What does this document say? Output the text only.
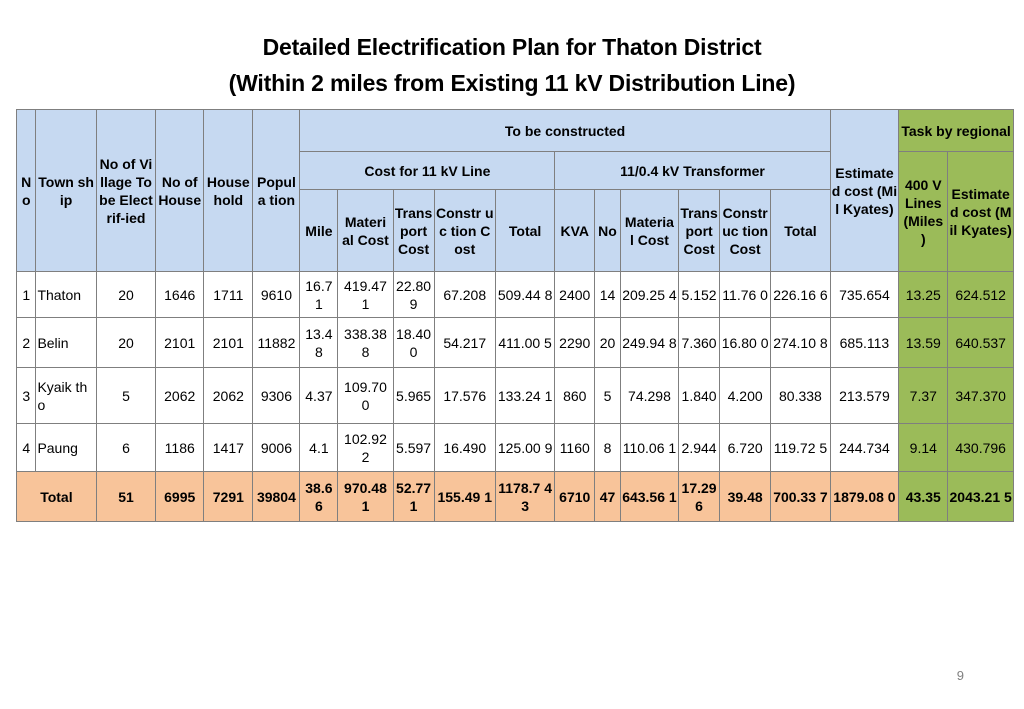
Detailed Electrification Plan for Thaton District
(Within 2 miles from Existing 11 kV Distribution Line)
No	Town ship	No of Village To be Electrif-ied	No of House	House hold	Popul a tion	To be constructed											Estimate d cost (Mil Kyates)	Task by regional	
						Cost for 11 kV Line					11/0.4 kV Transformer							400 V Lines (Miles )	Estimate d cost (Mil Kyates)
						Mile	Materi al Cost	Trans port Cost	Constr uc tion Cost	Total	KVA	No	Materia l Cost	Trans port Cost	Constr uc tion Cost	Total			
1	Thaton	20	1646	1711	9610	16.7 1	419.47 1	22.80 9	67.208	509.44 8	2400	14	209.25 4	5.152	11.76 0	226.16 6	735.654	13.25	624.512
2	Belin	20	2101	2101	11882	13.4 8	338.38 8	18.40 0	54.217	411.00 5	2290	20	249.94 8	7.360	16.80 0	274.10 8	685.113	13.59	640.537
3	Kyaik tho	5	2062	2062	9306	4.37	109.70 0	5.965	17.576	133.24 1	860	5	74.298	1.840	4.200	80.338	213.579	7.37	347.370
4	Paung	6	1186	1417	9006	4.1	102.92 2	5.597	16.490	125.00 9	1160	8	110.06 1	2.944	6.720	119.72 5	244.734	9.14	430.796
Total		51	6995	7291	39804	38.6 6	970.48 1	52.77 1	155.49 1	1178.7 43	6710	47	643.56 1	17.29 6	39.48	700.33 7	1879.08 0	43.35	2043.21 5
9
